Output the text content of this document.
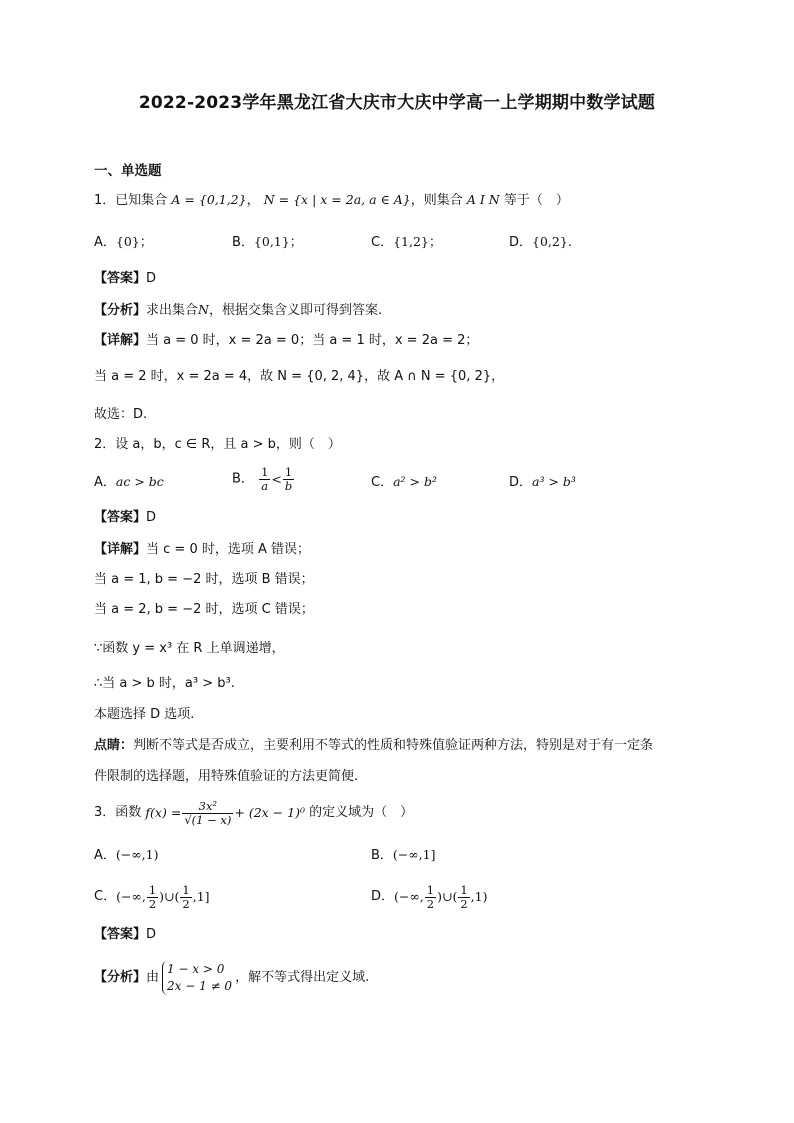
2022-2023学年黑龙江省大庆市大庆中学高一上学期期中数学试题
一、单选题
1．已知集合 A = {0,1,2}， N = {x | x = 2a, a ∈ A}，则集合 A I N 等于（　）
A．{0}；	B．{0,1}；	C．{1,2}；	D．{0,2}.
【答案】D
【分析】求出集合N，根据交集含义即可得到答案.
【详解】当 a = 0 时，x = 2a = 0；当 a = 1 时，x = 2a = 2；
当 a = 2 时，x = 2a = 4，故 N = {0, 2, 4}，故 A ∩ N = {0, 2}，
故选：D.
2．设 a，b，c ∈ R，且 a > b，则（　）
A．ac > bc	B． $\frac{1}{a} < \frac{1}{b}$	C．a² > b²	D．a³ > b³
【答案】D
【详解】当 c = 0 时，选项 A 错误；
当 a = 1, b = −2 时，选项 B 错误；
当 a = 2, b = −2 时，选项 C 错误；
∵函数 y = x³ 在 R 上单调递增，
∴当 a > b 时，a³ > b³.
本题选择 D 选项.
点睛：判断不等式是否成立，主要利用不等式的性质和特殊值验证两种方法，特别是对于有一定条
件限制的选择题，用特殊值验证的方法更简便.
3．函数 $f(x) = \frac{\text{3x²}}{√(1 - x)} + (2x - 1)^0$ 的定义域为（　）
A．(−∞,1)	B．(−∞,1]
C．(−∞, $\frac{1}{2}$ )∪( $\frac{1}{2} ,1$]	D．(−∞, $\frac{1}{2}$ )∪( $\frac{1}{2} ,1$)
【答案】D
【分析】由
1 − x > 0
2x − 1 ≠ 0
，解不等式得出定义域.
